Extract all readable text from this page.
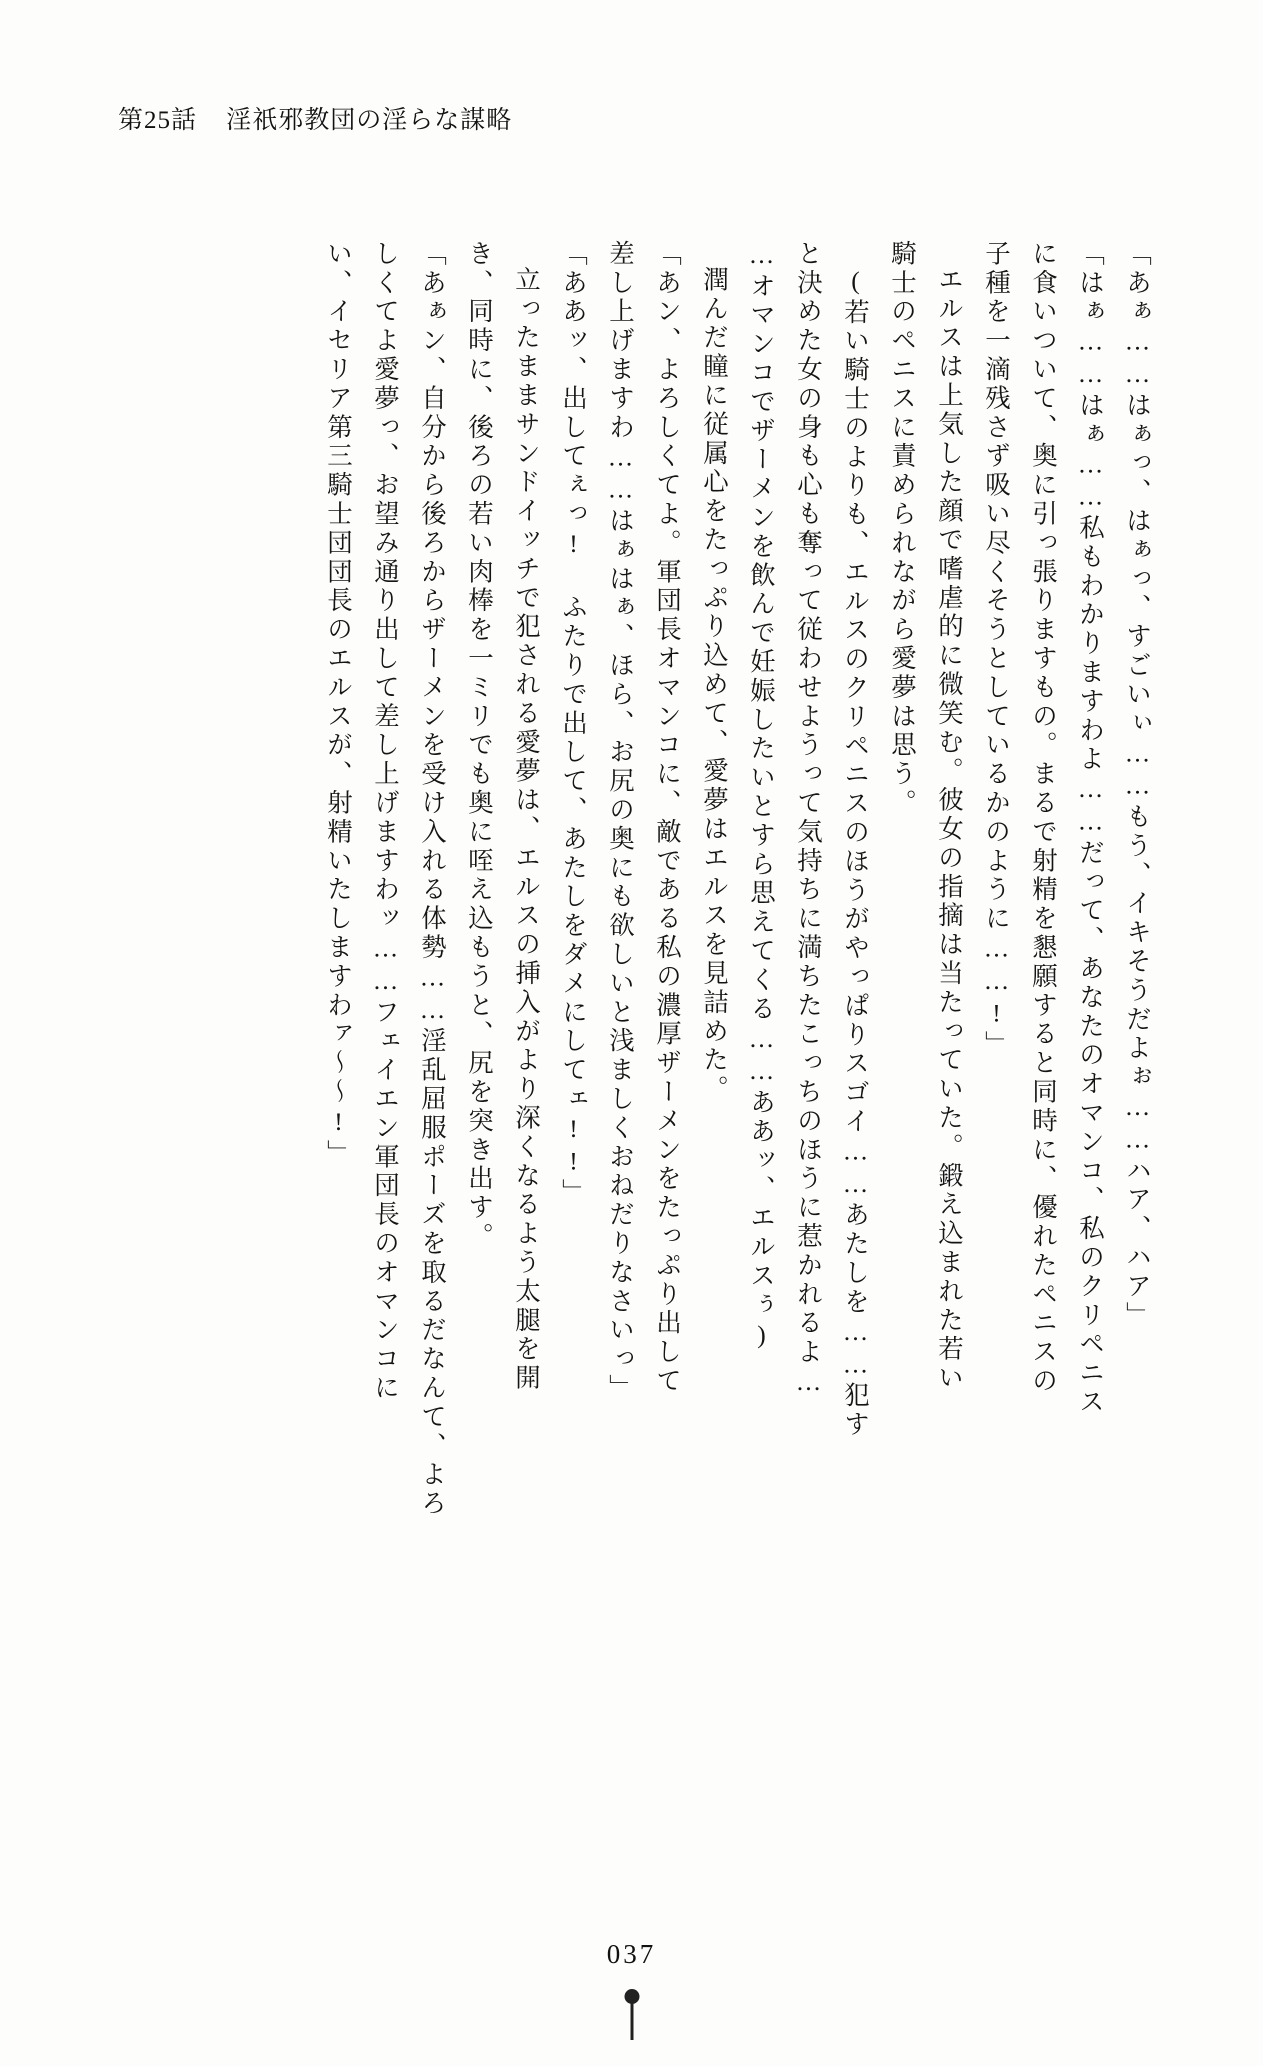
第25話 淫祇邪教団の淫らな謀略
「あぁ……はぁっ、はぁっ、すごいぃ……もう、イキそうだよぉ……ハア、ハア」
「はぁ……はぁ……私もわかりますわよ……だって、あなたのオマンコ、私のクリペニス
に食いついて、奥に引っ張りますもの。まるで射精を懇願すると同時に、優れたペニスの
子種を一滴残さず吸い尽くそうとしているかのように……!」
エルスは上気した顔で嗜虐的に微笑む。彼女の指摘は当たっていた。鍛え込まれた若い
騎士のペニスに責められながら愛夢は思う。
(若い騎士のよりも、エルスのクリペニスのほうがやっぱりスゴイ……あたしを……犯す
と決めた女の身も心も奪って従わせようって気持ちに満ちたこっちのほうに惹かれるよ…
…オマンコでザーメンを飲んで妊娠したいとすら思えてくる……ああッ、エルスぅ)
潤んだ瞳に従属心をたっぷり込めて、愛夢はエルスを見詰めた。
「あン、よろしくてよ。軍団長オマンコに、敵である私の濃厚ザーメンをたっぷり出して
差し上げますわ……はぁはぁ、ほら、お尻の奥にも欲しいと浅ましくおねだりなさいっ」
「ああッ、出してぇっ! ふたりで出して、あたしをダメにしてェ!!」
立ったままサンドイッチで犯される愛夢は、エルスの挿入がより深くなるよう太腿を開
き、同時に、後ろの若い肉棒を一ミリでも奥に咥え込もうと、尻を突き出す。
「あぁン、自分から後ろからザーメンを受け入れる体勢……淫乱屈服ポーズを取るだなんて、よろ
しくてよ愛夢っ、お望み通り出して差し上げますわッ……フェイエン軍団長のオマンコに
い、イセリア第三騎士団団長のエルスが、射精いたしますわァ〜〜!」
037
